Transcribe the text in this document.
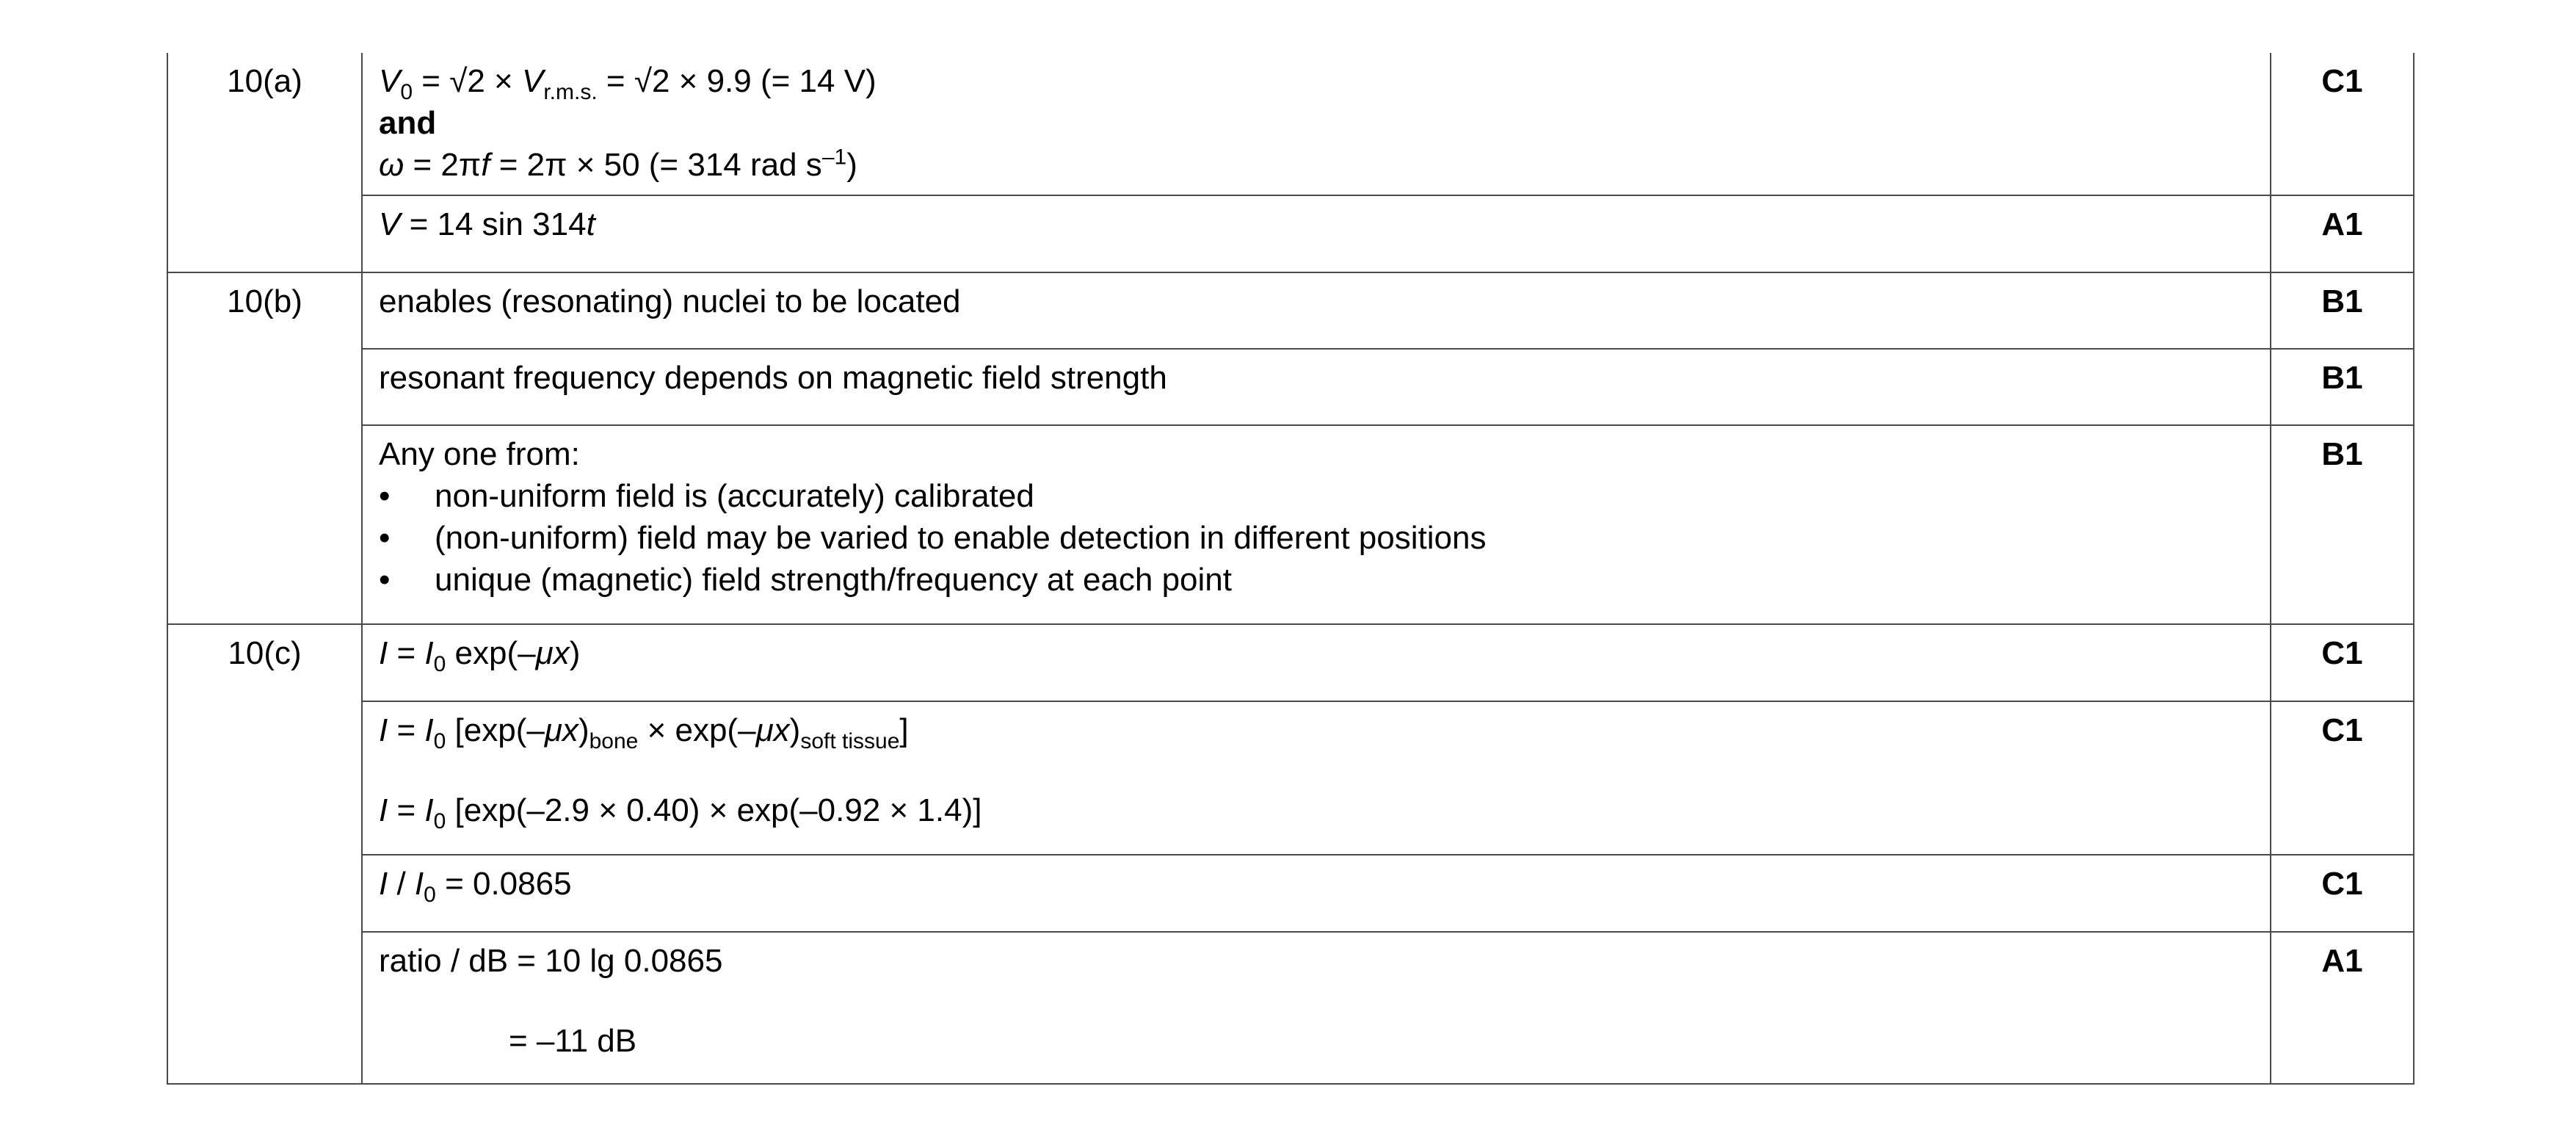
10(a)	$V_0 = √2 \times V_{r.m.s.} = √2 \times 9.9$ (= 14 V)
and
ω = 2πf = 2π × 50 (= 314 rad $s^{-1}$)	C1

	V = 14 sin 314t	A1
10(b)	enables (resonating) nuclei to be located	B1

	resonant frequency depends on magnetic field strength	B1

	Any one from:
• non-uniform field is (accurately) calibrated
• (non-uniform) field may be varied to enable detection in different positions
• unique (magnetic) field strength/frequency at each point	B1
10(c)	$I = I_0$ exp(–μx)	C1

	$I = I_0$ $[\exp(-\mu x)_{bone} \times \exp(-\mu x)_{soft tissue}]$
$I = I_0$ [exp(–2.9 × 0.40) × exp(–0.92 × 1.4)]	C1

	$I / I_0 = 0.0865$	C1

	ratio / dB = 10 lg 0.0865
= –11 dB	A1
